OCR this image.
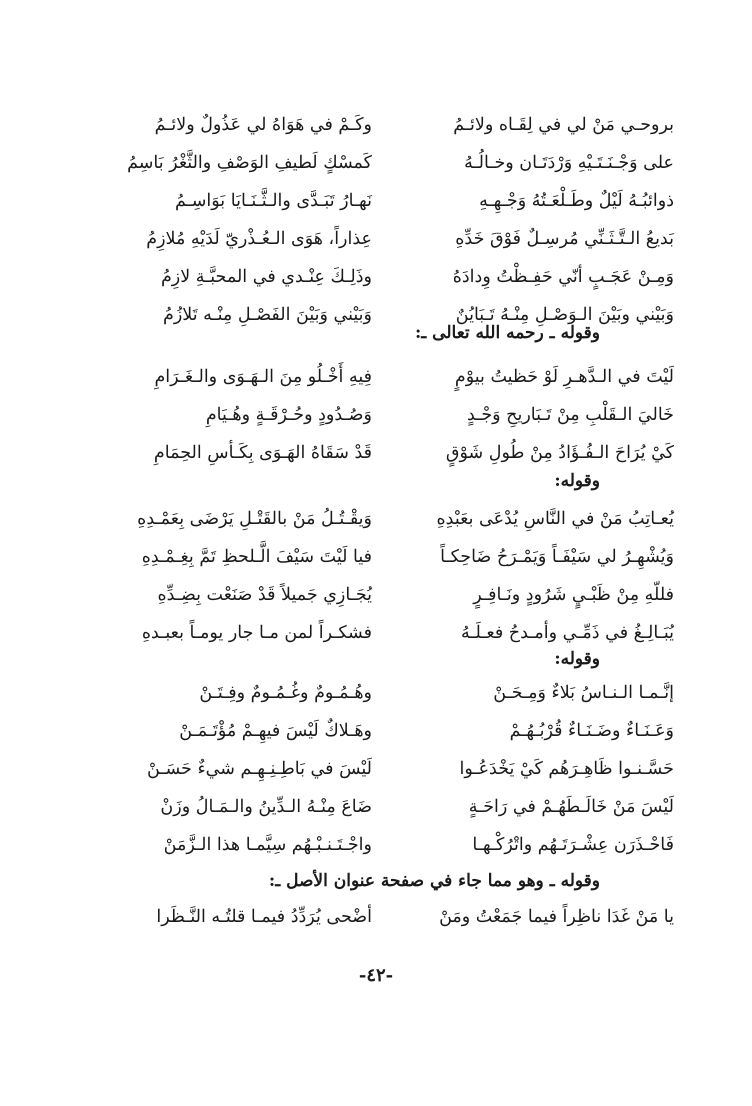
بروحـي مَنْ لي في لِقَـاه ولائـمُ
وكَـمْ في هَوَاهُ لي عَذُولٌ ولائـمُ
على وَجْـنَـتَـيْهِ وَرْدَتَـان وخـالُـهُ
كَمسْكٍ لَطيفِ الوَصْفِ والثَّغْرُ بَاسِمُ
ذوائبُـهُ لَيْلٌ وطَـلْعَـتُهُ وَجْـهِـهِ
نَهـارُ تَبَـدَّى والـثَّـنَـايَا بَوَاسِـمُ
بَديعُ الـتَّـثَـنِّي مُرسِـلٌ فَوْقَ خَدِّهِ
عِذاراً، هَوَى الـعُـذْريّ لَدَيْهِ مُلازِمُ
وَمِـنْ عَجَـبٍ أنّي حَفِـظْتُ وِدادَهُ
وذَلِـكَ عِنْـدي في المحبَّـةِ لازِمُ
وَبَيْني وبَيْنَ الـوَصْـلِ مِنْـهُ تَـبَايُنٌ
وَبَيْني وَبَيْنَ الفَصْـلِ مِنْـه تَلازُمُ
وقوله ـ رحمه الله تعالى ـ:
لَيْتَ في الـدَّهـرِ لَوْ حَظيتُ بيوْمٍ
فِيهِ أَخْـلُو مِنَ الـهَـوَى والـغَـرَامِ
خَاليَ الـقَلْبِ مِنْ تَـبَاريحِ وَجْـدٍ
وَصُـدُودٍ وحُـرْقَـةٍ وهُـيَامِ
كَيْ يُرَاحَ الـفُـؤَادُ مِنْ طُولِ شَوْقٍ
قَدْ سَقَاهُ الهَـوَى بِكَـأسِ الحِمَامِ
وقوله:
يُعـاتِبُ مَنْ في النَّاسِ يُدْعَى بعَبْدِهِ
وَيقْـتُـلُ مَنْ بالقَتْـلِ يَرْضَى بِعَمْـدِهِ
وَيُشْهِـرُ لي سَيْفَـاً وَيَمْـرَحُ ضَاحِكـاً
فيا لَيْتَ سَيْفَ الَّـلحظِ تَمَّ بِغِـمْـدِهِ
فللّهِ مِنْ ظَبْـيٍ شَرُودٍ ونَـافِـرٍ
يُجَـازِي جَميلاً قَدْ صَنَعْت بِضِـدِّهِ
يُبَـالِـغُ في ذَمِّـي وأمـدحُ فعـلَـهُ
فشكـراً لمن مـا جار يومـاً بعبـدهِ
وقوله:
إنَّـمـا الـنـاسُ بَلاءٌ وَمِـحَـنْ
وهُـمُـومٌ وغُـمُـومٌ وفِـتَـنْ
وَعَـنَـاءٌ وضَـنَـاءٌ قُرْبُـهُـمْ
وهَـلاكٌ لَيْسَ فيهِـمْ مُؤْتَـمَـنْ
حَسَّـنـوا ظَاهِـرَهُم كَيْ يَخْدَعُـوا
لَيْسَ في بَاطِـنِـهِـم شيءٌ حَسَـنْ
لَيْسَ مَنْ خَالَـطَهُـمْ في رَاحَـةٍ
ضَاعَ مِنْـهُ الـدِّينُ والـمَـالُ وزَنْ
فَاحْـذَرَن عِشْـرَتَـهُم واتْرُكْـهـا
واجْـتَـنـبْـهُم سِيَّمـا هذا الـزَّمَنْ
وقوله ـ وهو مما جاء في صفحة عنوان الأصل ـ:
يا مَنْ غَدَا ناظِراً فيما جَمَعْتُ ومَنْ
أضْحى يُرَدِّدُ فيمـا قلتُـه النَّـظَرا
-٤٢-
